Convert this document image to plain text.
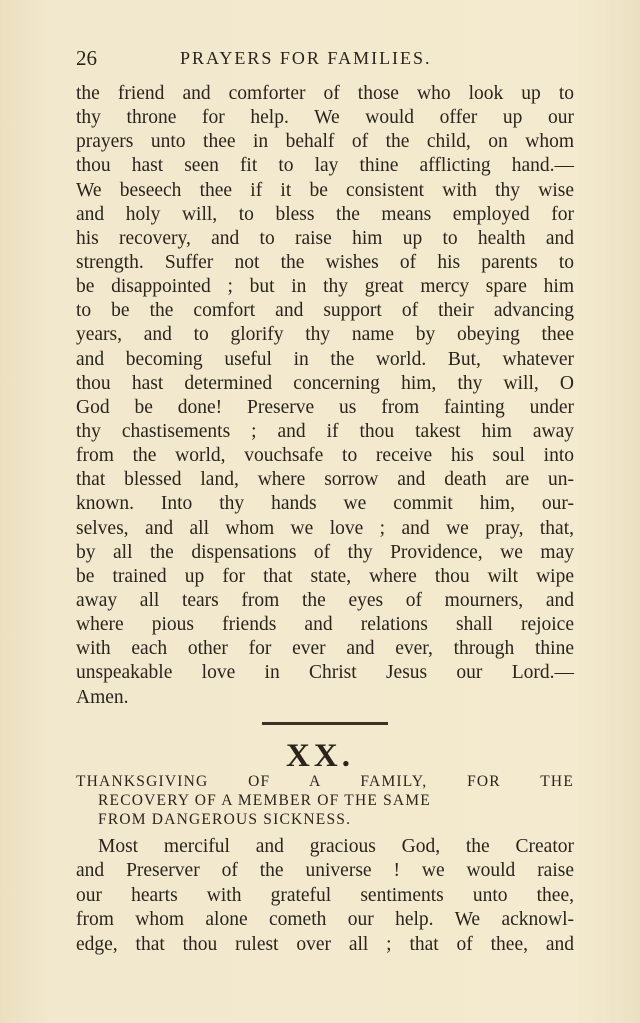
26	PRAYERS FOR FAMILIES.
the friend and comforter of those who look up to
thy throne for help. We would offer up our
prayers unto thee in behalf of the child, on whom
thou hast seen fit to lay thine afflicting hand.—
We beseech thee if it be consistent with thy wise
and holy will, to bless the means employed for
his recovery, and to raise him up to health and
strength. Suffer not the wishes of his parents to
be disappointed ; but in thy great mercy spare him
to be the comfort and support of their advancing
years, and to glorify thy name by obeying thee
and becoming useful in the world. But, whatever
thou hast determined concerning him, thy will, O
God be done! Preserve us from fainting under
thy chastisements ; and if thou takest him away
from the world, vouchsafe to receive his soul into
that blessed land, where sorrow and death are un-
known. Into thy hands we commit him, our-
selves, and all whom we love ; and we pray, that,
by all the dispensations of thy Providence, we may
be trained up for that state, where thou wilt wipe
away all tears from the eyes of mourners, and
where pious friends and relations shall rejoice
with each other for ever and ever, through thine
unspeakable love in Christ Jesus our Lord.—
Amen.
XX.
THANKSGIVING OF A FAMILY, FOR THE
RECOVERY OF A MEMBER OF THE SAME
FROM DANGEROUS SICKNESS.
Most merciful and gracious God, the Creator
and Preserver of the universe ! we would raise
our hearts with grateful sentiments unto thee,
from whom alone cometh our help. We acknowl-
edge, that thou rulest over all ; that of thee, and
